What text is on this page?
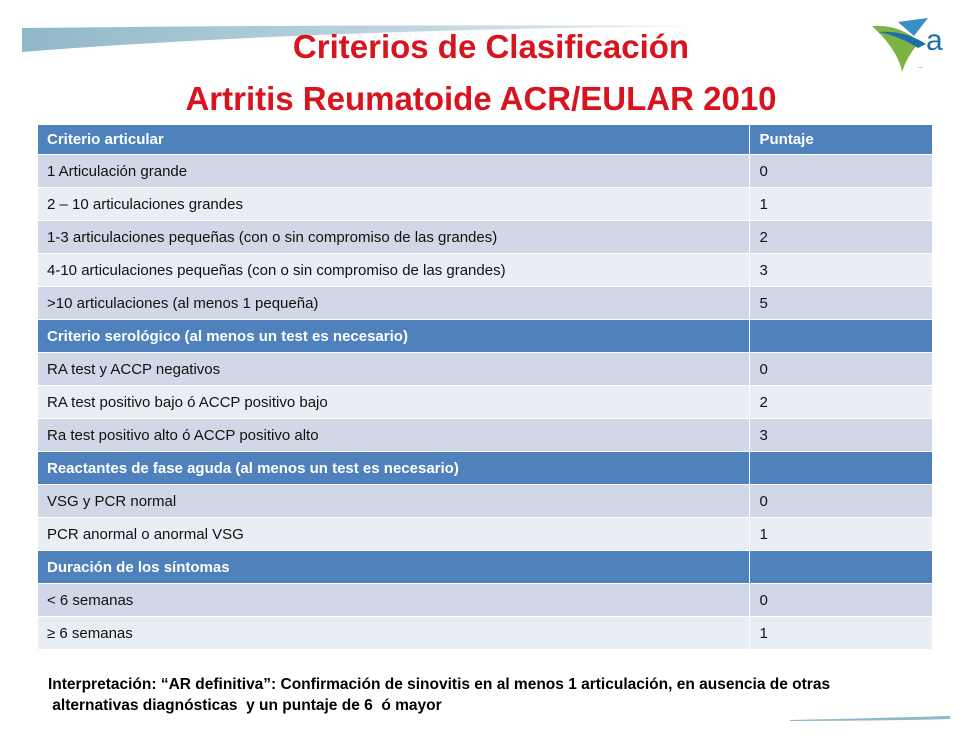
a
—
Criterios de Clasificación
Artritis Reumatoide ACR/EULAR 2010
Criterio articular	Puntaje
1 Articulación grande	0
2 – 10 articulaciones grandes	1
1-3 articulaciones pequeñas (con o sin compromiso de las grandes)	2
4-10 articulaciones pequeñas (con o sin compromiso de las grandes)	3
>10 articulaciones (al menos 1 pequeña)	5
Criterio serológico (al menos un test es necesario)	
RA test y ACCP negativos	0
RA test positivo bajo ó ACCP positivo bajo	2
Ra test positivo alto ó ACCP positivo alto	3
Reactantes de fase aguda (al menos un test es necesario)	
VSG y PCR normal	0
PCR anormal o anormal VSG	1
Duración de los síntomas	
< 6 semanas	0
≥ 6 semanas	1
Interpretación: “AR definitiva”: Confirmación de sinovitis en al menos 1 articulación, en ausencia de otras
alternativas diagnósticas  y un puntaje de 6  ó mayor
